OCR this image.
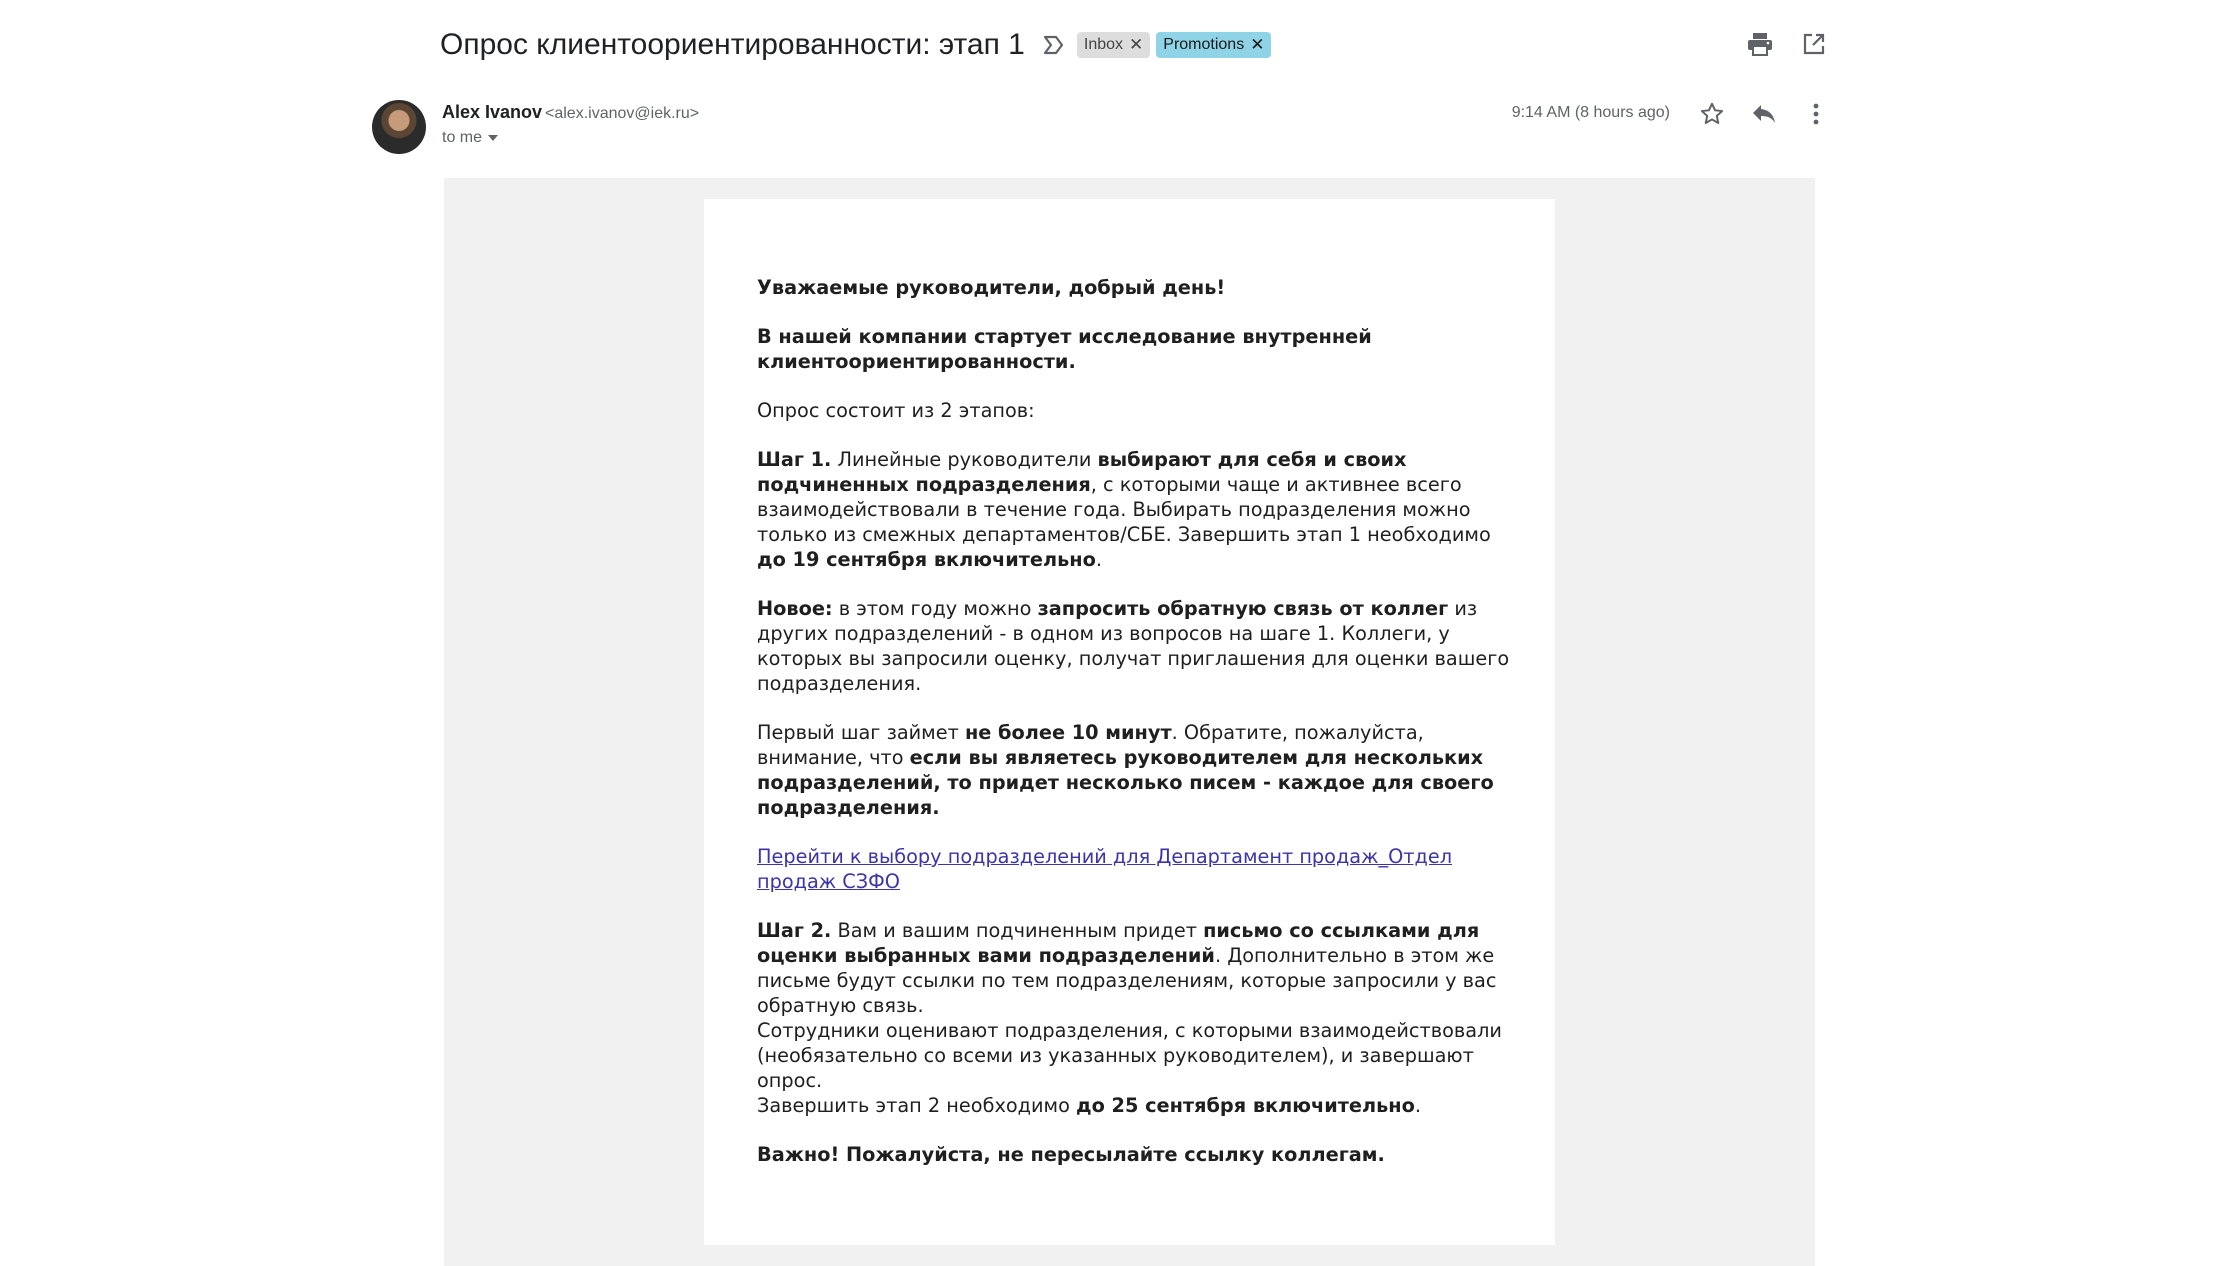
Опрос клиентоориентированности: этап 1	Inbox ✕ Promotions ✕
Alex Ivanov <alex.ivanov@iek.ru>
to me
9:14 AM (8 hours ago)

Уважаемые руководители, добрый день!

В нашей компании стартует исследование внутренней клиентоориентированности.

Опрос состоит из 2 этапов:

Шаг 1. Линейные руководители выбирают для себя и своих подчиненных подразделения, с которыми чаще и активнее всего взаимодействовали в течение года. Выбирать подразделения можно только из смежных департаментов/СБЕ. Завершить этап 1 необходимо до 19 сентября включительно.

Новое: в этом году можно запросить обратную связь от коллег из других подразделений - в одном из вопросов на шаге 1. Коллеги, у которых вы запросили оценку, получат приглашения для оценки вашего подразделения.

Первый шаг займет не более 10 минут. Обратите, пожалуйста, внимание, что если вы являетесь руководителем для нескольких подразделений, то придет несколько писем - каждое для своего подразделения.

Перейти к выбору подразделений для Департамент продаж_Отдел продаж СЗФО

Шаг 2. Вам и вашим подчиненным придет письмо со ссылками для оценки выбранных вами подразделений. Дополнительно в этом же письме будут ссылки по тем подразделениям, которые запросили у вас обратную связь.
Сотрудники оценивают подразделения, с которыми взаимодействовали (необязательно со всеми из указанных руководителем), и завершают опрос.
Завершить этап 2 необходимо до 25 сентября включительно.

Важно! Пожалуйста, не пересылайте ссылку коллегам.
